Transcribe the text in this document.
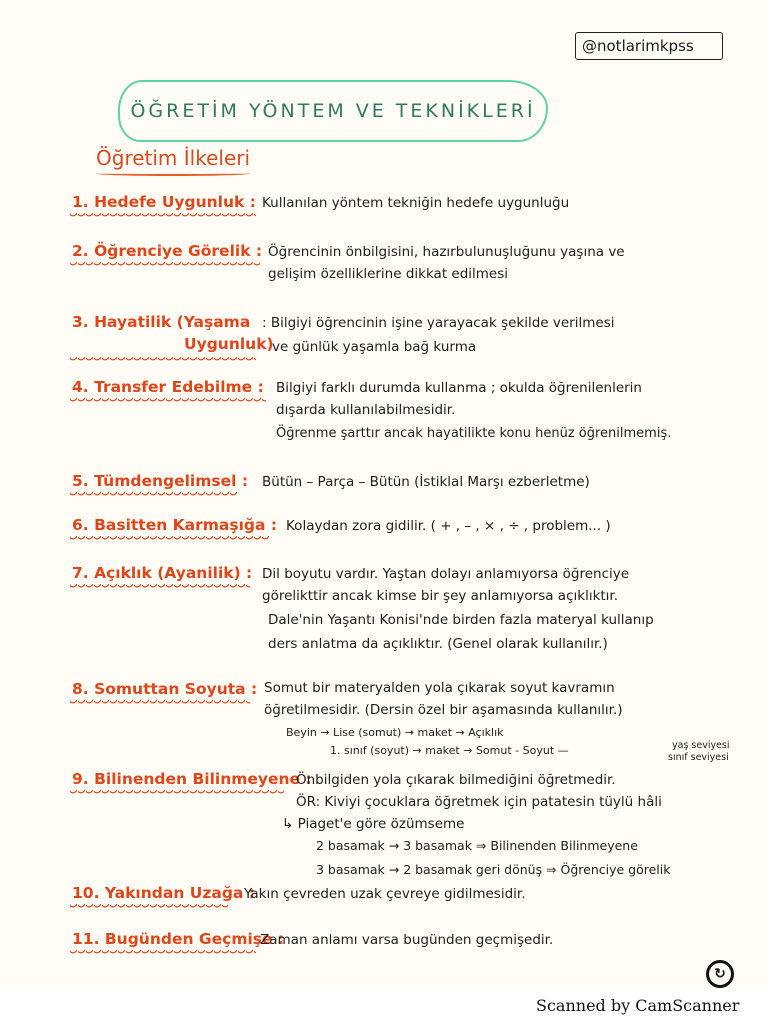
@notlarimkpss
ÖĞRETİM YÖNTEM VE TEKNİKLERİ
Öğretim İlkeleri
1. Hedefe Uygunluk : Kullanılan yöntem tekniğin hedefe uygunluğu
2. Öğrenciye Görelik : Öğrencinin önbilgisini, hazırbulunuşluğunu yaşına ve
gelişim özelliklerine dikkat edilmesi
3. Hayatilik (Yaşama
Uygunluk)
: Bilgiyi öğrencinin işine yarayacak şekilde verilmesi
ve günlük yaşamla bağ kurma
4. Transfer Edebilme : Bilgiyi farklı durumda kullanma ; okulda öğrenilenlerin
dışarda kullanılabilmesidir.
Öğrenme şarttır ancak hayatilikte konu henüz öğrenilmemiş.
5. Tümdengelimsel : Bütün – Parça – Bütün (İstiklal Marşı ezberletme)
6. Basitten Karmaşığa : Kolaydan zora gidilir. ( + , – , × , ÷ , problem... )
7. Açıklık (Ayanilik) : Dil boyutu vardır. Yaştan dolayı anlamıyorsa öğrenciye
görelikttir ancak kimse bir şey anlamıyorsa açıklıktır.
Dale'nin Yaşantı Konisi'nde birden fazla materyal kullanıp
ders anlatma da açıklıktır. (Genel olarak kullanılır.)
8. Somuttan Soyuta : Somut bir materyalden yola çıkarak soyut kavramın
öğretilmesidir. (Dersin özel bir aşamasında kullanılır.)
Beyin → Lise (somut) → maket → Açıklık
1. sınıf (soyut) → maket → Somut - Soyut —	yaş seviyesi
sınıf seviyesi
9. Bilinenden Bilinmeyene :
Önbilgiden yola çıkarak bilmediğini öğretmedir.
ÖR: Kiviyi çocuklara öğretmek için patatesin tüylü hâli
↳ Piaget'e göre özümseme
2 basamak → 3 basamak ⇒ Bilinenden Bilinmeyene
3 basamak → 2 basamak geri dönüş ⇒ Öğrenciye görelik
10. Yakından Uzağa :
Yakın çevreden uzak çevreye gidilmesidir.
11. Bugünden Geçmişe :
Zaman anlamı varsa bugünden geçmişedir.
↻
Scanned by CamScanner
